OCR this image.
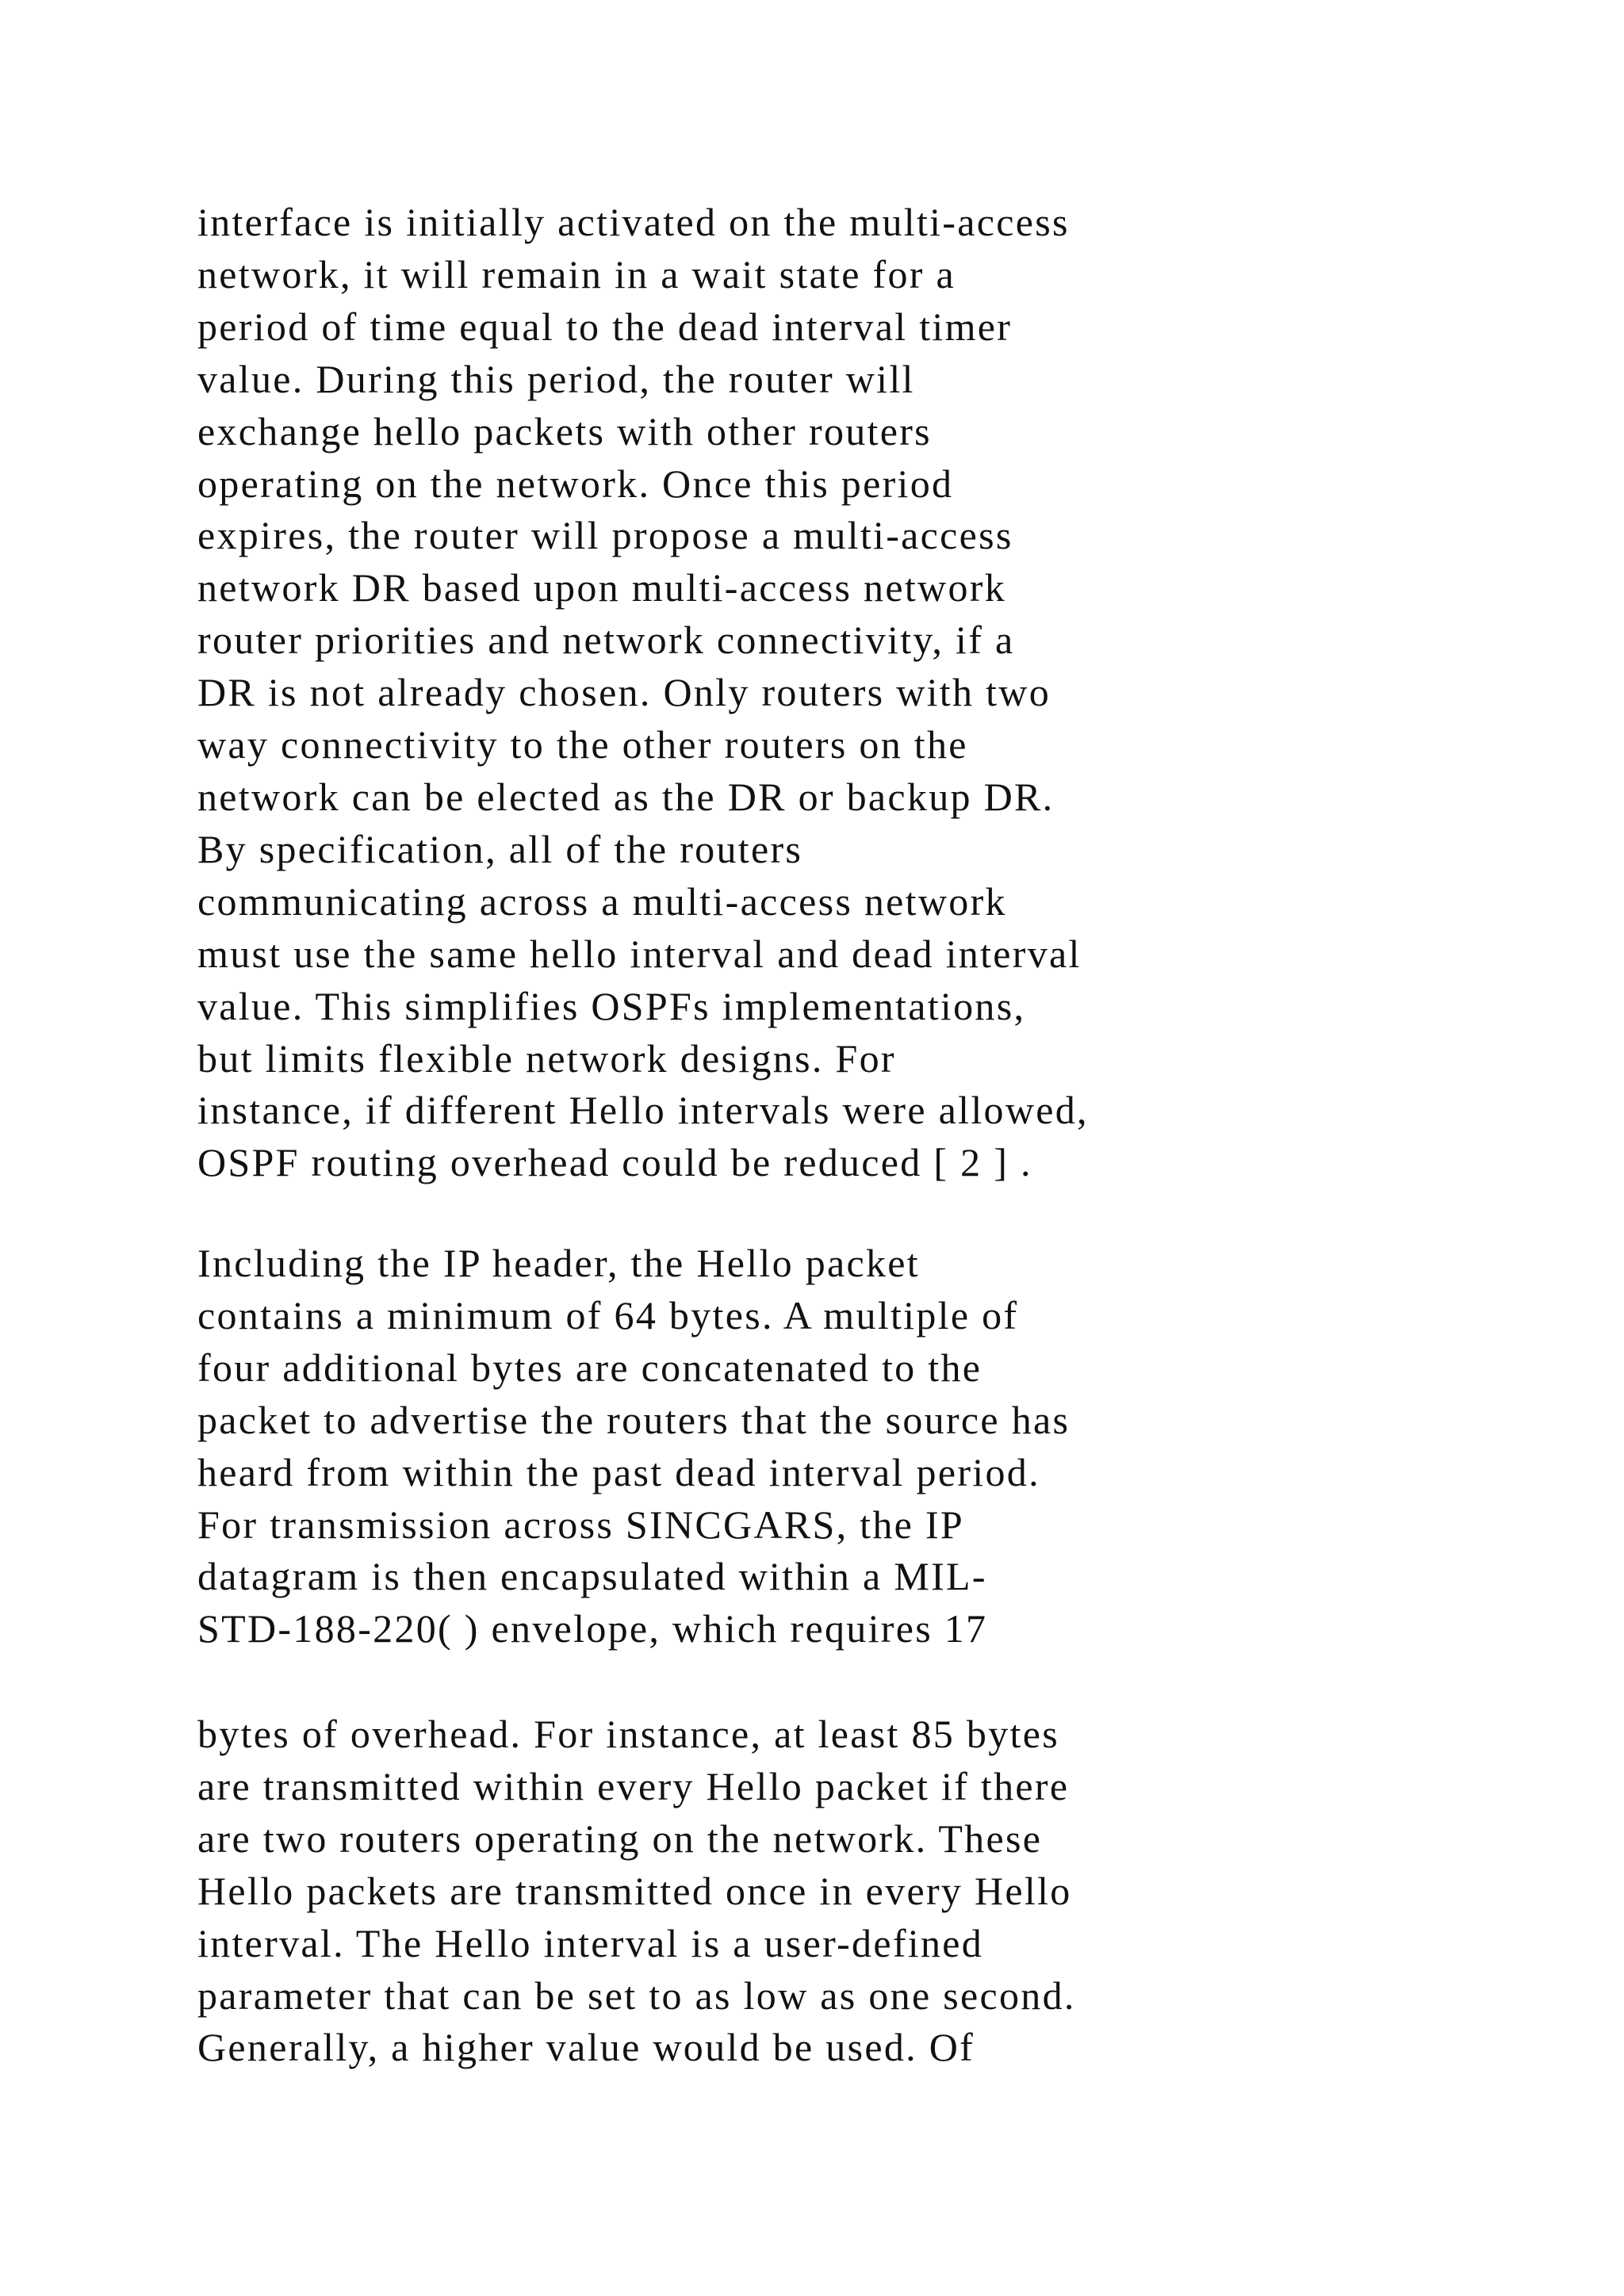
interface is initially activated on the multi-access
network, it will remain in a wait state for a
period of time equal to the dead interval timer
value. During this period, the router will
exchange hello packets with other routers
operating on the network. Once this period
expires, the router will propose a multi-access
network DR based upon multi-access network
router priorities and network connectivity, if a
DR is not already chosen. Only routers with two
way connectivity to the other routers on the
network can be elected as the DR or backup DR.
By specification, all of the routers
communicating across a multi-access network
must use the same hello interval and dead interval
value. This simplifies OSPFs implementations,
but limits flexible network designs. For
instance, if different Hello intervals were allowed,
OSPF routing overhead could be reduced [ 2 ] .

Including the IP header, the Hello packet
contains a minimum of 64 bytes. A multiple of
four additional bytes are concatenated to the
packet to advertise the routers that the source has
heard from within the past dead interval period.
For transmission across SINCGARS, the IP
datagram is then encapsulated within a MIL-
STD-188-220( ) envelope, which requires 17

bytes of overhead. For instance, at least 85 bytes
are transmitted within every Hello packet if there
are two routers operating on the network. These
Hello packets are transmitted once in every Hello
interval. The Hello interval is a user-defined
parameter that can be set to as low as one second.
Generally, a higher value would be used. Of
